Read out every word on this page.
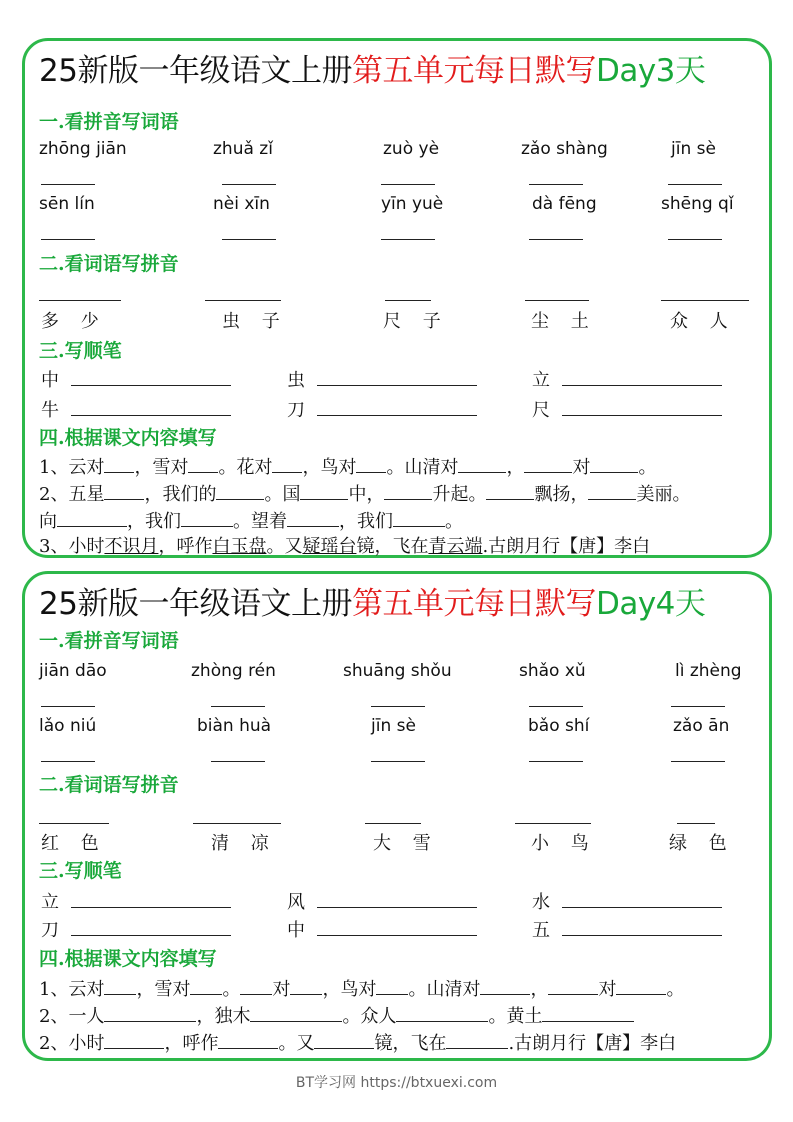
25新版一年级语文上册第五单元每日默写Day3天
一.看拼音写词语
zhōng jiān	zhuǎ zǐ	zuò yè	zǎo shàng	jīn sè
sēn lín	nèi xīn	yīn yuè	dà fēng	shēng qǐ
二.看词语写拼音
多 少	虫 子	尺 子	尘 土	众 人
三.写顺笔
中	虫	立
牛	刀	尺
四.根据课文内容填写
1、云对 ，雪对 。花对 ，鸟对 。山清对	，	对	。
2、五星 ，我们的	。国	中，	升起。	飘扬，	美丽。
向	，我们	。望着	，我们	。
3、小时不识月，呼作白玉盘。又疑瑶台镜，飞在青云端.古朗月行【唐】李白
25新版一年级语文上册第五单元每日默写Day4天
一.看拼音写词语
jiān dāo	zhòng rén	shuāng shǒu	shǎo xǔ	lì zhèng
lǎo niú	biàn huà	jīn sè	bǎo shí	zǎo ān
二.看词语写拼音
红 色	清 凉	大 雪	小 鸟	绿 色
三.写顺笔
立	风	水
刀	中	五
四.根据课文内容填写
1、云对 ，雪对 。 对 ，鸟对 。山清对	，	对	。
2、一人	，独木	。众人	。黄土
2、小时	，呼作	。又	镜，飞在	.古朗月行【唐】李白
BT学习网 https://btxuexi.com
